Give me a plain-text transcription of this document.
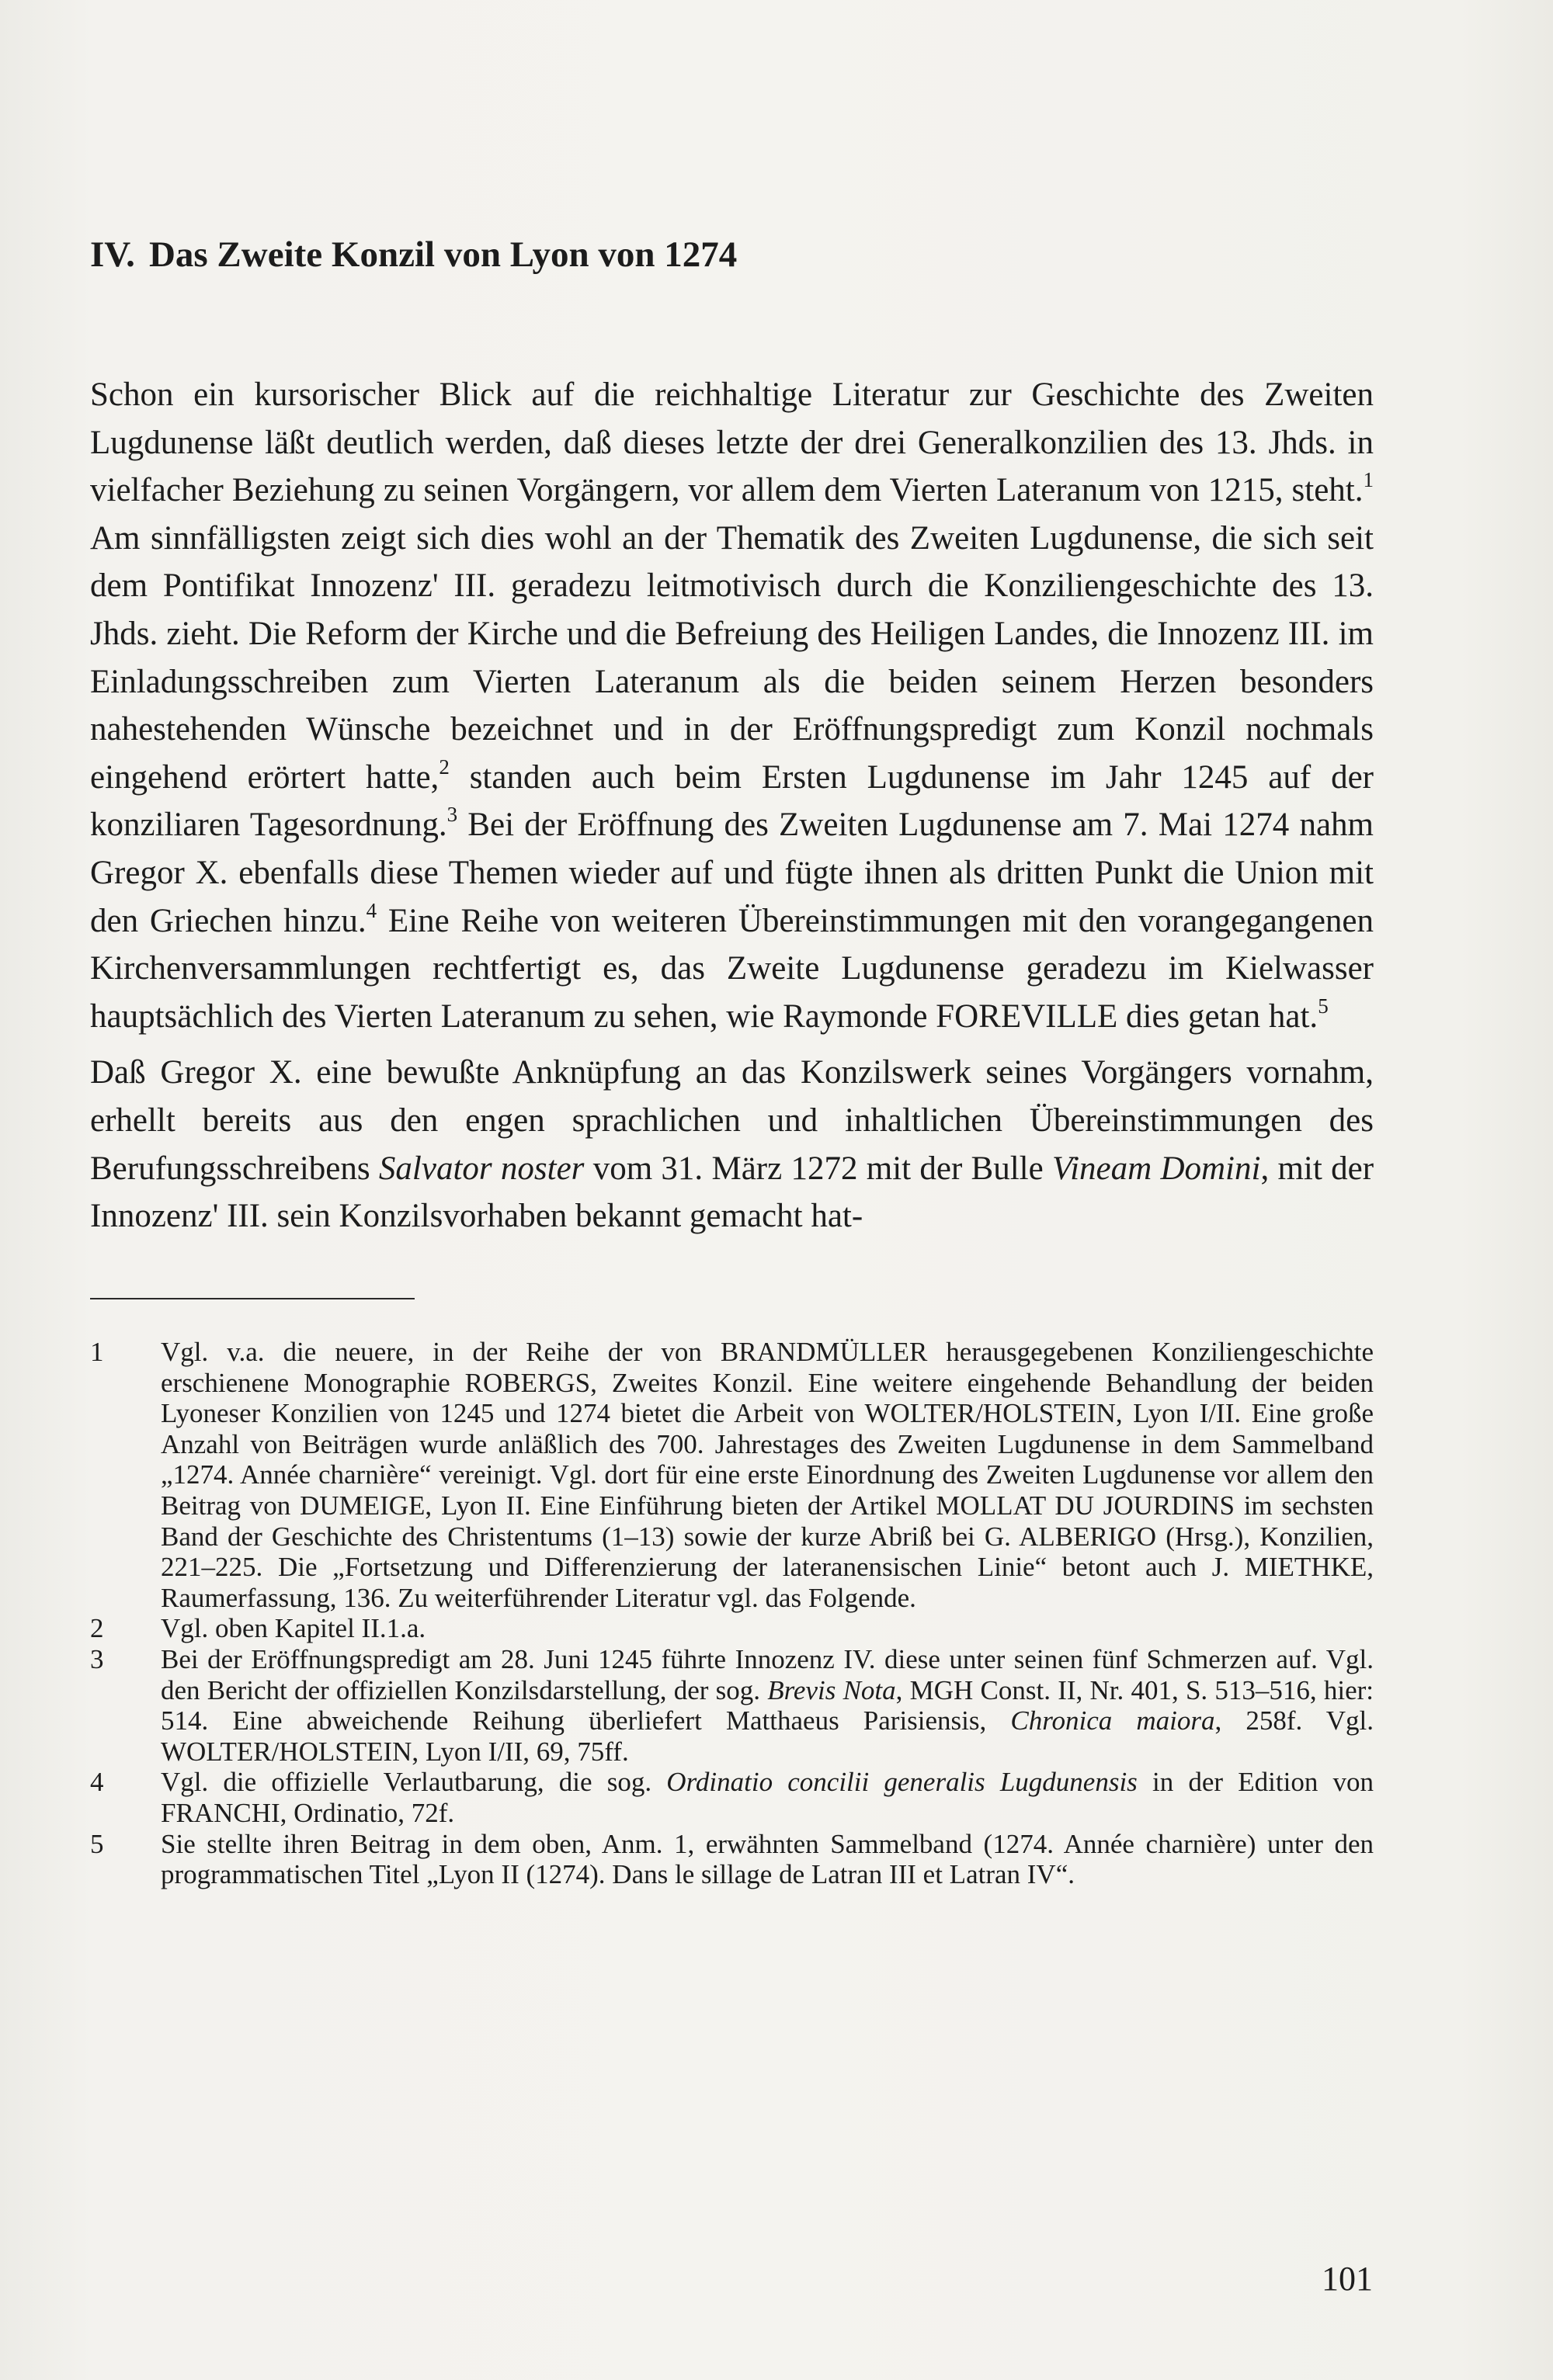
IV. Das Zweite Konzil von Lyon von 1274

Schon ein kursorischer Blick auf die reichhaltige Literatur zur Geschichte des Zweiten Lugdunense läßt deutlich werden, daß dieses letzte der drei Generalkonzilien des 13. Jhds. in vielfacher Beziehung zu seinen Vorgängern, vor allem dem Vierten Lateranum von 1215, steht.$^1$ Am sinnfälligsten zeigt sich dies wohl an der Thematik des Zweiten Lugdunense, die sich seit dem Pontifikat Innozenz' III. geradezu leitmotivisch durch die Konziliengeschichte des 13. Jhds. zieht. Die Reform der Kirche und die Befreiung des Heiligen Landes, die Innozenz III. im Einladungsschreiben zum Vierten Lateranum als die beiden seinem Herzen besonders nahestehenden Wünsche bezeichnet und in der Eröffnungspredigt zum Konzil nochmals eingehend erörtert hatte,$^2$ standen auch beim Ersten Lugdunense im Jahr 1245 auf der konziliaren Tagesordnung.$^3$ Bei der Eröffnung des Zweiten Lugdunense am 7. Mai 1274 nahm Gregor X. ebenfalls diese Themen wieder auf und fügte ihnen als dritten Punkt die Union mit den Griechen hinzu.$^4$ Eine Reihe von weiteren Übereinstimmungen mit den vorangegangenen Kirchenversammlungen rechtfertigt es, das Zweite Lugdunense geradezu im Kielwasser hauptsächlich des Vierten Lateranum zu sehen, wie Raymonde FOREVILLE dies getan hat.$^5$

Daß Gregor X. eine bewußte Anknüpfung an das Konzilswerk seines Vorgängers vornahm, erhellt bereits aus den engen sprachlichen und inhaltlichen Übereinstimmungen des Berufungsschreibens Salvator noster vom 31. März 1272 mit der Bulle Vineam Domini, mit der Innozenz' III. sein Konzilsvorhaben bekannt gemacht hat-

1	Vgl. v.a. die neuere, in der Reihe der von BRANDMÜLLER herausgegebenen Konziliengeschichte erschienene Monographie ROBERGS, Zweites Konzil. Eine weitere eingehende Behandlung der beiden Lyoneser Konzilien von 1245 und 1274 bietet die Arbeit von WOLTER/HOLSTEIN, Lyon I/II. Eine große Anzahl von Beiträgen wurde anläßlich des 700. Jahrestages des Zweiten Lugdunense in dem Sammelband „1274. Année charnière“ vereinigt. Vgl. dort für eine erste Einordnung des Zweiten Lugdunense vor allem den Beitrag von DUMEIGE, Lyon II. Eine Einführung bieten der Artikel MOLLAT DU JOURDINS im sechsten Band der Geschichte des Christentums (1–13) sowie der kurze Abriß bei G. ALBERIGO (Hrsg.), Konzilien, 221–225. Die „Fortsetzung und Differenzierung der lateranensischen Linie“ betont auch J. MIETHKE, Raumerfassung, 136. Zu weiterführender Literatur vgl. das Folgende.

2	Vgl. oben Kapitel II.1.a.

3	Bei der Eröffnungspredigt am 28. Juni 1245 führte Innozenz IV. diese unter seinen fünf Schmerzen auf. Vgl. den Bericht der offiziellen Konzilsdarstellung, der sog. Brevis Nota, MGH Const. II, Nr. 401, S. 513–516, hier: 514. Eine abweichende Reihung überliefert Matthaeus Parisiensis, Chronica maiora, 258f. Vgl. WOLTER/HOLSTEIN, Lyon I/II, 69, 75ff.

4	Vgl. die offizielle Verlautbarung, die sog. Ordinatio concilii generalis Lugdunensis in der Edition von FRANCHI, Ordinatio, 72f.

5	Sie stellte ihren Beitrag in dem oben, Anm. 1, erwähnten Sammelband (1274. Année charnière) unter den programmatischen Titel „Lyon II (1274). Dans le sillage de Latran III et Latran IV“.

101
